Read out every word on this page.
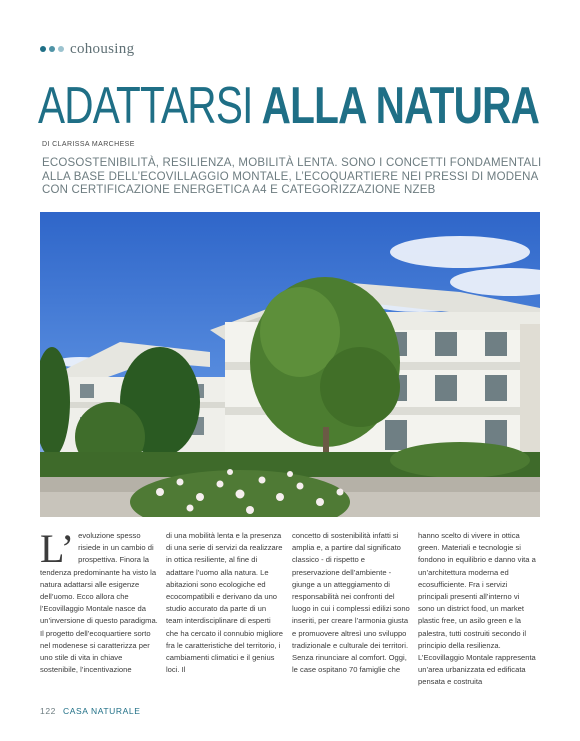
cohousing
ADATTARSI ALLA NATURA
DI CLARISSA MARCHESE
ECOSOSTENIBILITÀ, RESILIENZA, MOBILITÀ LENTA. SONO I CONCETTI FONDAMENTALI ALLA BASE DELL’ECOVILLAGGIO MONTALE, L’ECOQUARTIERE NEI PRESSI DI MODENA CON CERTIFICAZIONE ENERGETICA A4 E CATEGORIZZAZIONE NZEB

L’ evoluzione spesso risiede in un cambio di prospettiva. Finora la tendenza predominante ha visto la natura adattarsi alle esigenze dell’uomo. Ecco allora che l’Ecovillaggio Montale nasce da un’inversione di questo paradigma. Il progetto dell’ecoquartiere sorto nel modenese si caratterizza per uno stile di vita in chiave sostenibile, l’incentivazione

di una mobilità lenta e la presenza di una serie di servizi da realizzare in ottica resiliente, al fine di adattare l’uomo alla natura. Le abitazioni sono ecologiche ed ecocompatibili e derivano da uno studio accurato da parte di un team interdisciplinare di esperti che ha cercato il connubio migliore fra le caratteristiche del territorio, i cambiamenti climatici e il genius loci. Il

concetto di sostenibilità infatti si amplia e, a partire dal significato classico - di rispetto e preservazione dell’ambiente - giunge a un atteggiamento di responsabilità nei confronti del luogo in cui i complessi edilizi sono inseriti, per creare l’armonia giusta e promuovere altresì uno sviluppo tradizionale e culturale dei territori. Senza rinunciare al comfort. Oggi, le case ospitano 70 famiglie che

hanno scelto di vivere in ottica green. Materiali e tecnologie si fondono in equilibrio e danno vita a un’architettura moderna ed ecosufficiente. Fra i servizi principali presenti all’interno vi sono un district food, un market plastic free, un asilo green e la palestra, tutti costruiti secondo il principio della resilienza. L’Ecovillaggio Montale rappresenta un’area urbanizzata ed edificata pensata e costruita

122 CASA NATURALE
